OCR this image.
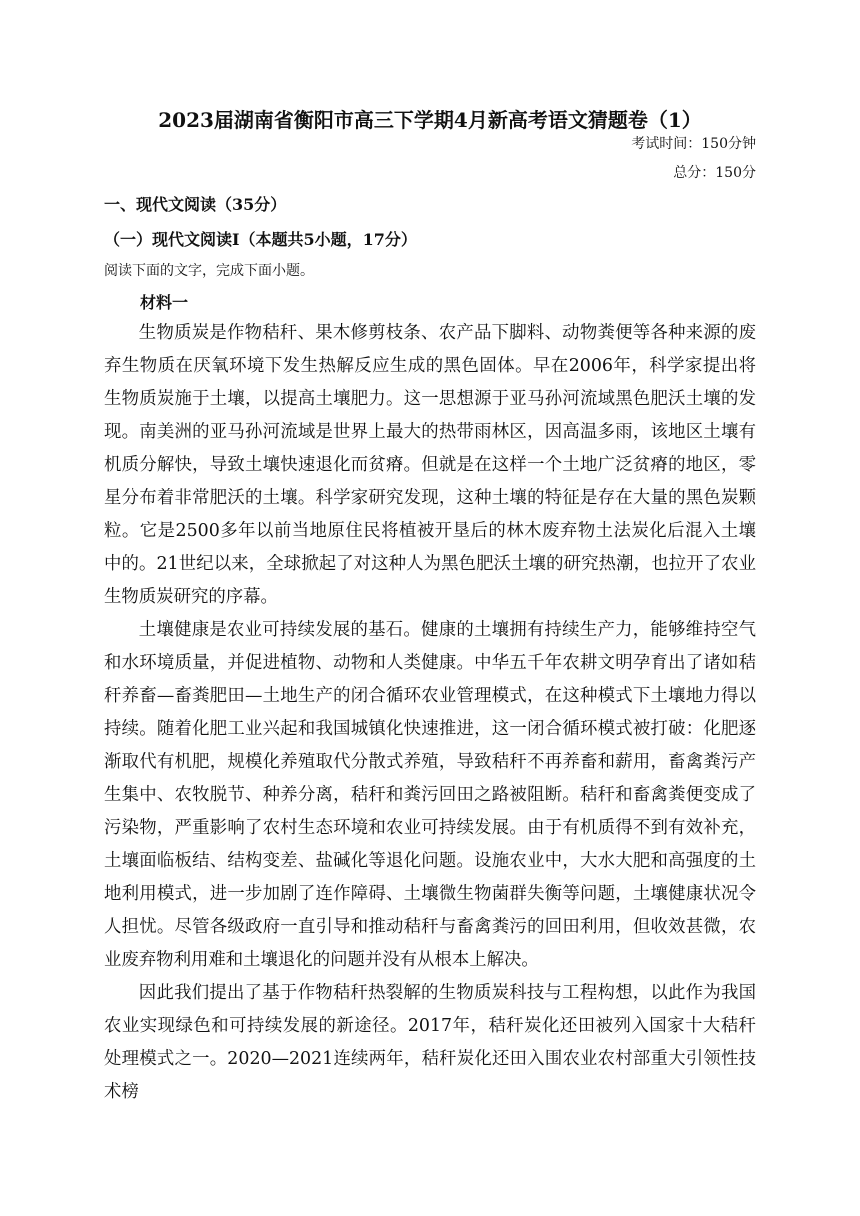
2023届湖南省衡阳市高三下学期4月新高考语文猜题卷（1）
考试时间：150分钟
总分：150分
一、现代文阅读（35分）
（一）现代文阅读I（本题共5小题，17分）
阅读下面的文字，完成下面小题。
材料一

生物质炭是作物秸秆、果木修剪枝条、农产品下脚料、动物粪便等各种来源的废弃生物质在厌氧环境下发生热解反应生成的黑色固体。早在2006年，科学家提出将生物质炭施于土壤，以提高土壤肥力。这一思想源于亚马孙河流域黑色肥沃土壤的发现。南美洲的亚马孙河流域是世界上最大的热带雨林区，因高温多雨，该地区土壤有机质分解快，导致土壤快速退化而贫瘠。但就是在这样一个土地广泛贫瘠的地区，零星分布着非常肥沃的土壤。科学家研究发现，这种土壤的特征是存在大量的黑色炭颗粒。它是2500多年以前当地原住民将植被开垦后的林木废弃物土法炭化后混入土壤中的。21世纪以来，全球掀起了对这种人为黑色肥沃土壤的研究热潮，也拉开了农业生物质炭研究的序幕。

土壤健康是农业可持续发展的基石。健康的土壤拥有持续生产力，能够维持空气和水环境质量，并促进植物、动物和人类健康。中华五千年农耕文明孕育出了诸如秸秆养畜—畜粪肥田—土地生产的闭合循环农业管理模式，在这种模式下土壤地力得以持续。随着化肥工业兴起和我国城镇化快速推进，这一闭合循环模式被打破：化肥逐渐取代有机肥，规模化养殖取代分散式养殖，导致秸秆不再养畜和薪用，畜禽粪污产生集中、农牧脱节、种养分离，秸秆和粪污回田之路被阻断。秸秆和畜禽粪便变成了污染物，严重影响了农村生态环境和农业可持续发展。由于有机质得不到有效补充，土壤面临板结、结构变差、盐碱化等退化问题。设施农业中，大水大肥和高强度的土地利用模式，进一步加剧了连作障碍、土壤微生物菌群失衡等问题，土壤健康状况令人担忧。尽管各级政府一直引导和推动秸秆与畜禽粪污的回田利用，但收效甚微，农业废弃物利用难和土壤退化的问题并没有从根本上解决。

因此我们提出了基于作物秸秆热裂解的生物质炭科技与工程构想，以此作为我国农业实现绿色和可持续发展的新途径。2017年，秸秆炭化还田被列入国家十大秸秆处理模式之一。2020—2021连续两年，秸秆炭化还田入围农业农村部重大引领性技术榜
